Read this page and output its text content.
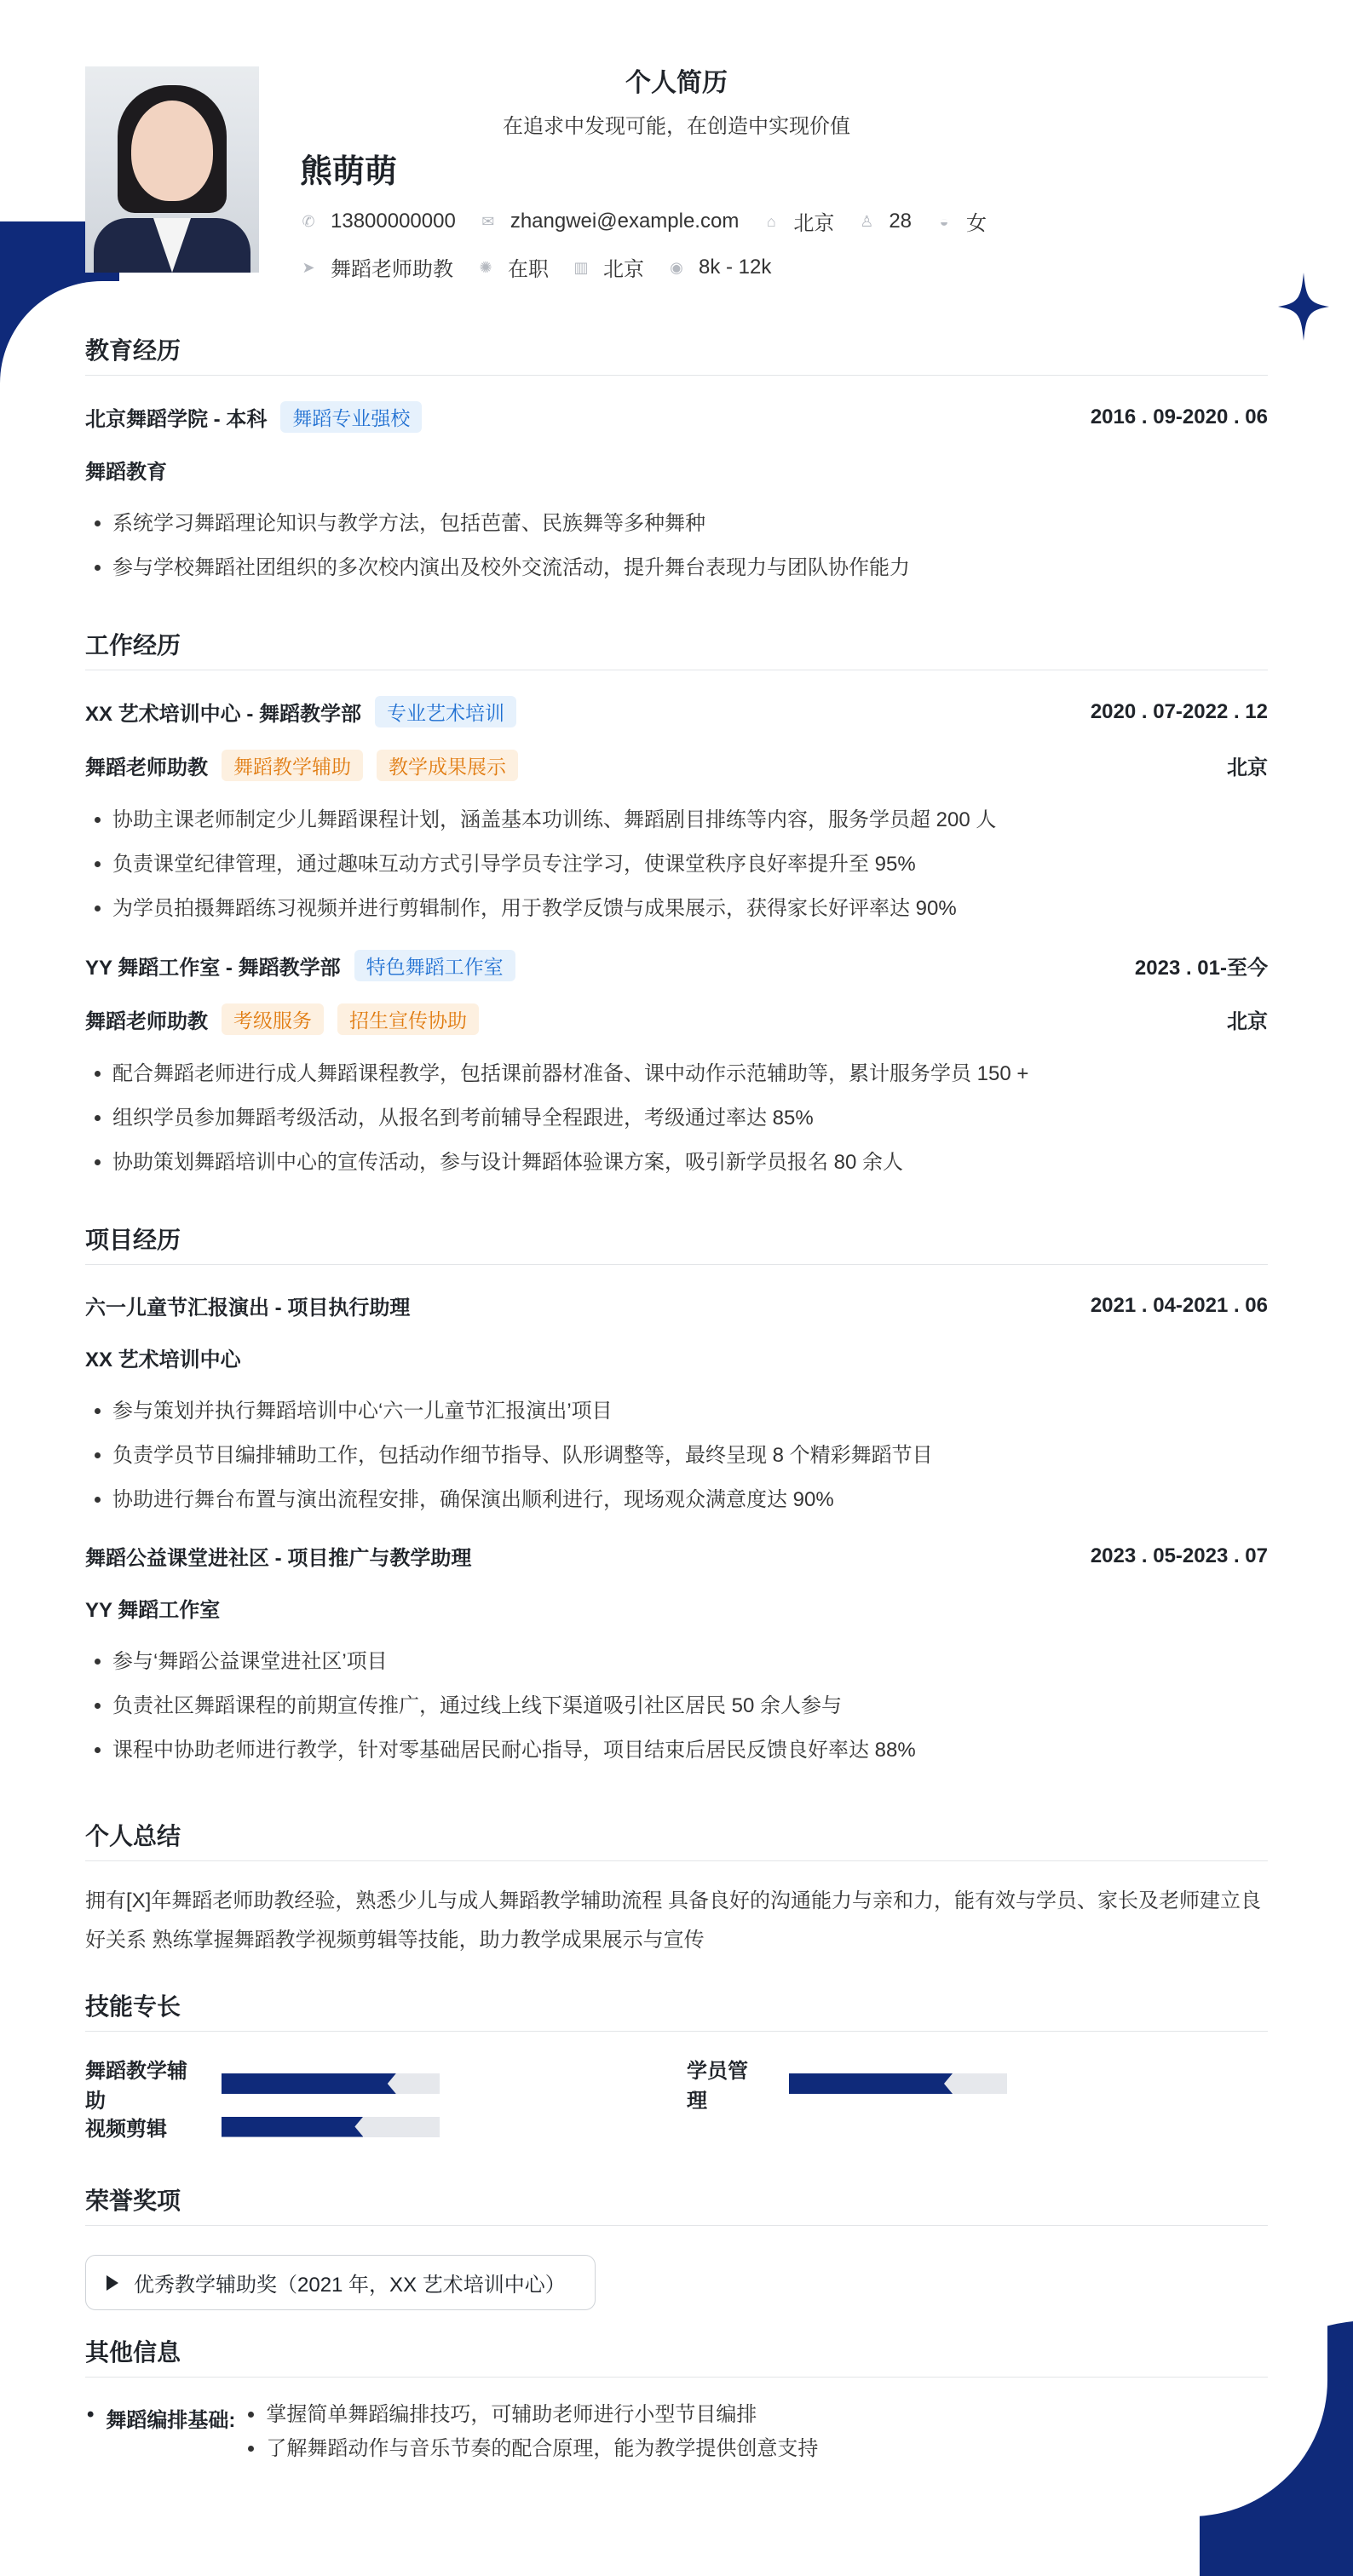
个人简历
在追求中发现可能，在创造中实现价值
熊萌萌
✆ 13800000000 ✉ zhangwei@example.com ⌂ 北京 ♙ 28 ◒ 女
➤ 舞蹈老师助教 ✺ 在职 ▥ 北京 ◉ 8k - 12k
教育经历
北京舞蹈学院 - 本科	舞蹈专业强校	2016 . 09-2020 . 06
舞蹈教育
• 系统学习舞蹈理论知识与教学方法，包括芭蕾、民族舞等多种舞种
• 参与学校舞蹈社团组织的多次校内演出及校外交流活动，提升舞台表现力与团队协作能力
工作经历
XX 艺术培训中心 - 舞蹈教学部	专业艺术培训	2020 . 07-2022 . 12
舞蹈老师助教	舞蹈教学辅助	教学成果展示	北京
• 协助主课老师制定少儿舞蹈课程计划，涵盖基本功训练、舞蹈剧目排练等内容，服务学员超 200 人
• 负责课堂纪律管理，通过趣味互动方式引导学员专注学习，使课堂秩序良好率提升至 95%
• 为学员拍摄舞蹈练习视频并进行剪辑制作，用于教学反馈与成果展示，获得家长好评率达 90%
YY 舞蹈工作室 - 舞蹈教学部	特色舞蹈工作室	2023 . 01-至今
舞蹈老师助教	考级服务	招生宣传协助	北京
• 配合舞蹈老师进行成人舞蹈课程教学，包括课前器材准备、课中动作示范辅助等，累计服务学员 150 +
• 组织学员参加舞蹈考级活动，从报名到考前辅导全程跟进，考级通过率达 85%
• 协助策划舞蹈培训中心的宣传活动，参与设计舞蹈体验课方案，吸引新学员报名 80 余人
项目经历
六一儿童节汇报演出 - 项目执行助理	2021 . 04-2021 . 06
XX 艺术培训中心
• 参与策划并执行舞蹈培训中心‘六一儿童节汇报演出’项目
• 负责学员节目编排辅助工作，包括动作细节指导、队形调整等，最终呈现 8 个精彩舞蹈节目
• 协助进行舞台布置与演出流程安排，确保演出顺利进行，现场观众满意度达 90%
舞蹈公益课堂进社区 - 项目推广与教学助理	2023 . 05-2023 . 07
YY 舞蹈工作室
• 参与‘舞蹈公益课堂进社区’项目
• 负责社区舞蹈课程的前期宣传推广，通过线上线下渠道吸引社区居民 50 余人参与
• 课程中协助老师进行教学，针对零基础居民耐心指导，项目结束后居民反馈良好率达 88%
个人总结
拥有[X]年舞蹈老师助教经验，熟悉少儿与成人舞蹈教学辅助流程 具备良好的沟通能力与亲和力，能有效与学员、家长及老师建立良好关系 熟练掌握舞蹈教学视频剪辑等技能，助力教学成果展示与宣传
技能专长
舞蹈教学辅助
学员管理
视频剪辑
荣誉奖项
优秀教学辅助奖（2021 年，XX 艺术培训中心）
其他信息
• 舞蹈编排基础:
• 掌握简单舞蹈编排技巧，可辅助老师进行小型节目编排
• 了解舞蹈动作与音乐节奏的配合原理，能为教学提供创意支持
